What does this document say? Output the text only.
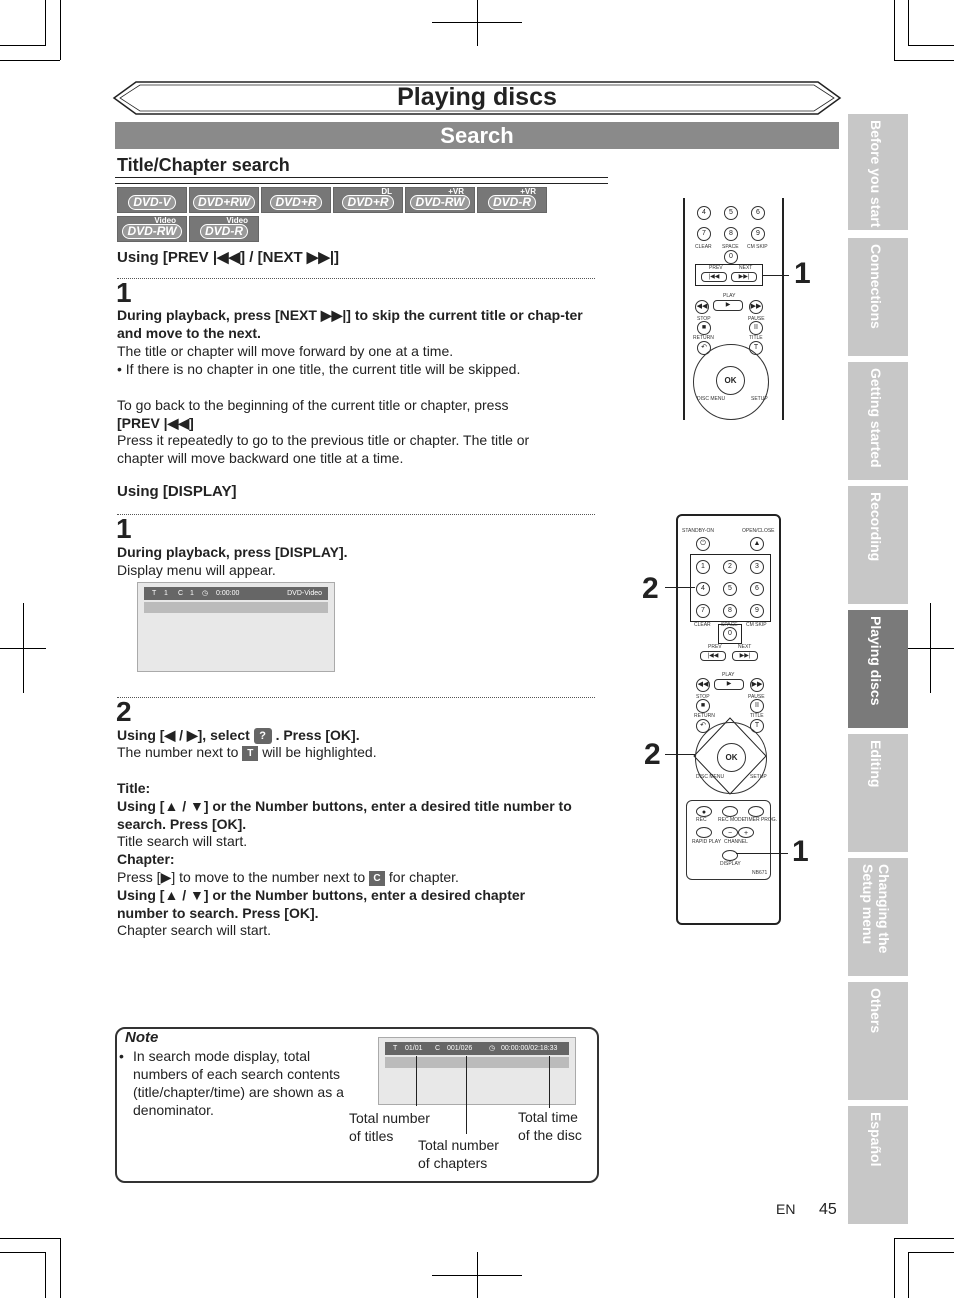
Playing discs
Search
Title/Chapter search
DVD-V	DVD+RW	DVD+R
DL
DVD+R
+VR
DVD-RW
+VR
DVD-R
Video
DVD-RW
Video
DVD-R
Using [PREV |◀◀] / [NEXT ▶▶|]
1
During playback, press [NEXT ▶▶|] to skip the current title or chap-ter and move to the next.
The title or chapter will move forward by one at a time.
• If there is no chapter in one title, the current title will be skipped.
To go back to the beginning of the current title or chapter, press
[PREV |◀◀]
Press it repeatedly to go to the previous title or chapter. The title or chapter will move backward one title at a time.
Using [DISPLAY]
1
During playback, press [DISPLAY].
Display menu will appear.
T 1 C 1 ◷ 0:00:00	DVD-Video
2
Using [◀ / ▶], select ? . Press [OK].
The number next to T will be highlighted.
Title:
Using [▲ / ▼] or the Number buttons, enter a desired title number to search. Press [OK].
Title search will start.
Chapter:
Press [▶] to move to the number next to C for chapter.
Using [▲ / ▼] or the Number buttons, enter a desired chapter number to search. Press [OK].
Chapter search will start.
Note
• In search mode display, total numbers of each search contents (title/chapter/time) are shown as a denominator.
T 01/01 C 001/026 ◷ 00:00:00/02:18:33
Total number of titles
Total number of chapters
Total time of the disc
4	5	6
7	8	9
CLEAR SPACE CM SKIP
0
PREV	NEXT
|◀◀	▶▶|
PLAY
▶
◀◀	▶▶
STOP	PAUSE
■	II
RETURN	TITLE
↶	T
OK
DISC MENU	SETUP
1
STANDBY-ON	OPEN/CLOSE
⏻	▲
1	2	3
4	5	6
7	8	9
CLEAR SPACE CM SKIP
0
PREV	NEXT
|◀◀	▶▶|
PLAY
▶
◀◀	▶▶
STOP	PAUSE
■	II
RETURN	TITLE
↶	T
OK
DISC MENU	SETUP
●
REC REC MODE TIMER PROG.
−	+
RAPID PLAY CHANNEL
DISPLAY
NB671
2
2
1
Before you start
Connections
Getting started
Recording
Playing discs
Editing
Changing the Setup menu
Others
Español
EN 45
